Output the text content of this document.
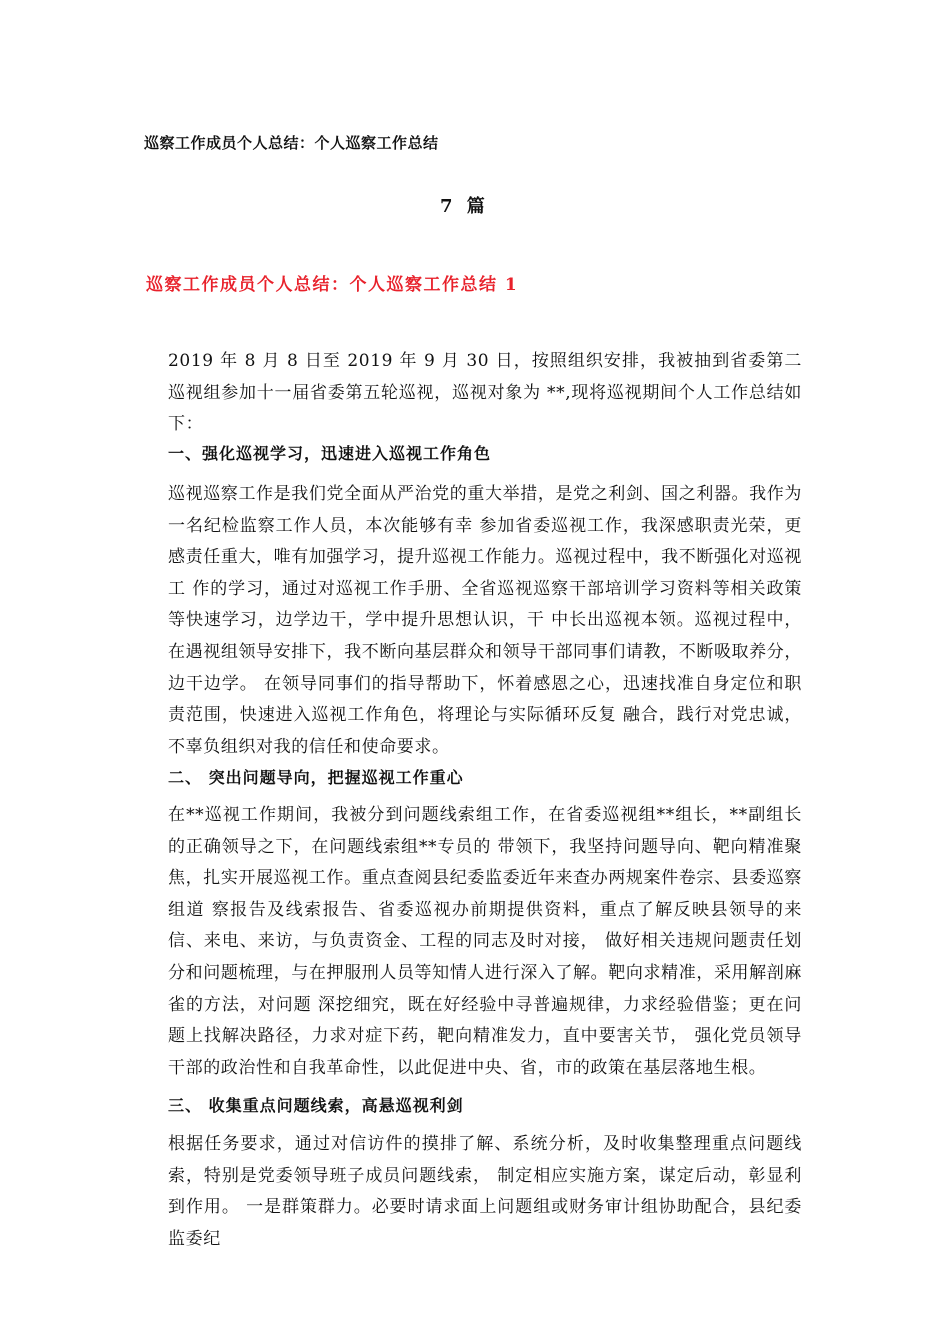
巡察工作成员个人总结：个人巡察工作总结
7 篇
巡察工作成员个人总结：个人巡察工作总结 1
2019 年 8 月 8 日至 2019 年 9 月 30 日，按照组织安排，我被抽到省委第二巡视组参加十一届省委第五轮巡视，巡视对象为 **,现将巡视期间个人工作总结如下：
一、强化巡视学习，迅速进入巡视工作角色
巡视巡察工作是我们党全面从严治党的重大举措，是党之利剑、国之利器。我作为一名纪检监察工作人员，本次能够有幸 参加省委巡视工作，我深感职责光荣，更感责任重大，唯有加强学习，提升巡视工作能力。巡视过程中，我不断强化对巡视工 作的学习，通过对巡视工作手册、全省巡视巡察干部培训学习资料等相关政策等快速学习，边学边干，学中提升思想认识，干 中长出巡视本领。巡视过程中，在遇视组领导安排下，我不断向基层群众和领导干部同事们请教，不断吸取养分，边干边学。 在领导同事们的指导帮助下，怀着感恩之心，迅速找准自身定位和职责范围，快速进入巡视工作角色，将理论与实际循环反复 融合，践行对党忠诚，不辜负组织对我的信任和使命要求。
二、 突出问题导向，把握巡视工作重心
在**巡视工作期间，我被分到问题线索组工作，在省委巡视组**组长，**副组长的正确领导之下，在问题线索组**专员的 带领下，我坚持问题导向、靶向精准聚焦，扎实开展巡视工作。重点查阅县纪委监委近年来查办两规案件卷宗、县委巡察组道 察报告及线索报告、省委巡视办前期提供资料，重点了解反映县领导的来信、来电、来访，与负责资金、工程的同志及时对接， 做好相关违规问题责任划分和问题梳理，与在押服刑人员等知情人进行深入了解。靶向求精准，采用解剖麻雀的方法，对问题 深挖细究，既在好经验中寻普遍规律，力求经验借鉴；更在问题上找解决路径，力求对症下药，靶向精准发力，直中要害关节， 强化党员领导干部的政治性和自我革命性，以此促进中央、省，市的政策在基层落地生根。
三、 收集重点问题线索，高悬巡视利剑
根据任务要求，通过对信访件的摸排了解、系统分析，及时收集整理重点问题线索，特别是党委领导班子成员问题线索， 制定相应实施方案，谋定后动，彰显利到作用。 一是群策群力。必要时请求面上问题组或财务审计组协助配合，县纪委监委纪
